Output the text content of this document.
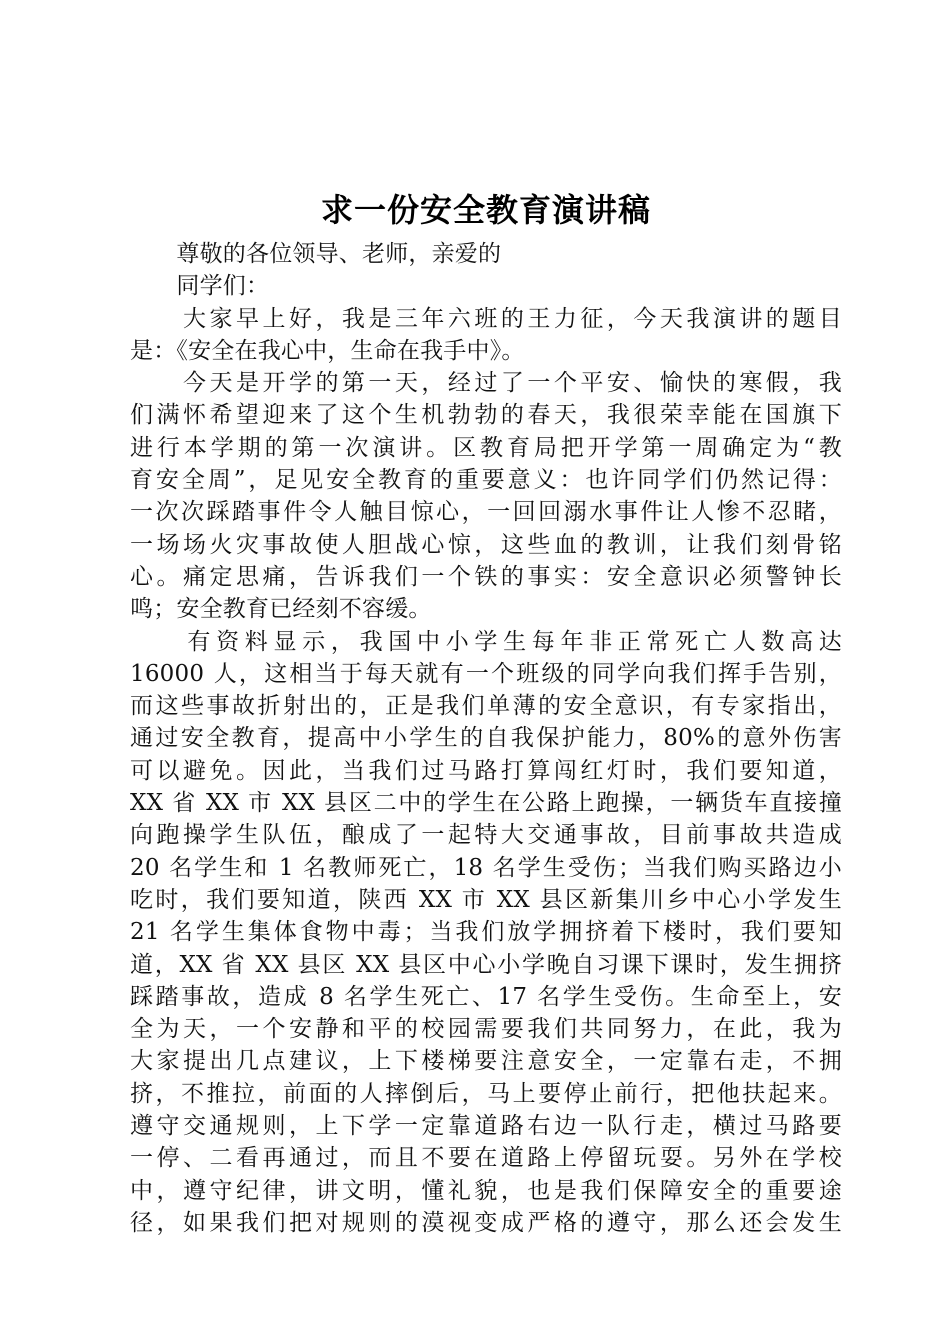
求一份安全教育演讲稿
　　尊敬的各位领导、老师，亲爱的
　　同学们：
　　大家早上好，我是三年六班的王力征，今天我演讲的题目
是：《安全在我心中，生命在我手中》。
　　今天是开学的第一天，经过了一个平安、愉快的寒假，我
们满怀希望迎来了这个生机勃勃的春天，我很荣幸能在国旗下
进行本学期的第一次演讲。区教育局把开学第一周确定为“教
育安全周”，足见安全教育的重要意义：也许同学们仍然记得：
一次次踩踏事件令人触目惊心，一回回溺水事件让人惨不忍睹，
一场场火灾事故使人胆战心惊，这些血的教训，让我们刻骨铭
心。痛定思痛，告诉我们一个铁的事实：安全意识必须警钟长
鸣；安全教育已经刻不容缓。
　　有资料显示，我国中小学生每年非正常死亡人数高达
16000 人，这相当于每天就有一个班级的同学向我们挥手告别，
而这些事故折射出的，正是我们单薄的安全意识，有专家指出，
通过安全教育，提高中小学生的自我保护能力，80%的意外伤害
可以避免。因此，当我们过马路打算闯红灯时，我们要知道，
XX 省 XX 市 XX 县区二中的学生在公路上跑操，一辆货车直接撞
向跑操学生队伍，酿成了一起特大交通事故，目前事故共造成
20 名学生和 1 名教师死亡，18 名学生受伤；当我们购买路边小
吃时，我们要知道，陕西 XX 市 XX 县区新集川乡中心小学发生
21 名学生集体食物中毒；当我们放学拥挤着下楼时，我们要知
道，XX 省 XX 县区 XX 县区中心小学晚自习课下课时，发生拥挤
踩踏事故，造成 8 名学生死亡、17 名学生受伤。生命至上，安
全为天，一个安静和平的校园需要我们共同努力，在此，我为
大家提出几点建议，上下楼梯要注意安全，一定靠右走，不拥
挤，不推拉，前面的人摔倒后，马上要停止前行，把他扶起来。
遵守交通规则，上下学一定靠道路右边一队行走，横过马路要
一停、二看再通过，而且不要在道路上停留玩耍。另外在学校
中，遵守纪律，讲文明，懂礼貌，也是我们保障安全的重要途
径，如果我们把对规则的漠视变成严格的遵守，那么还会发生
